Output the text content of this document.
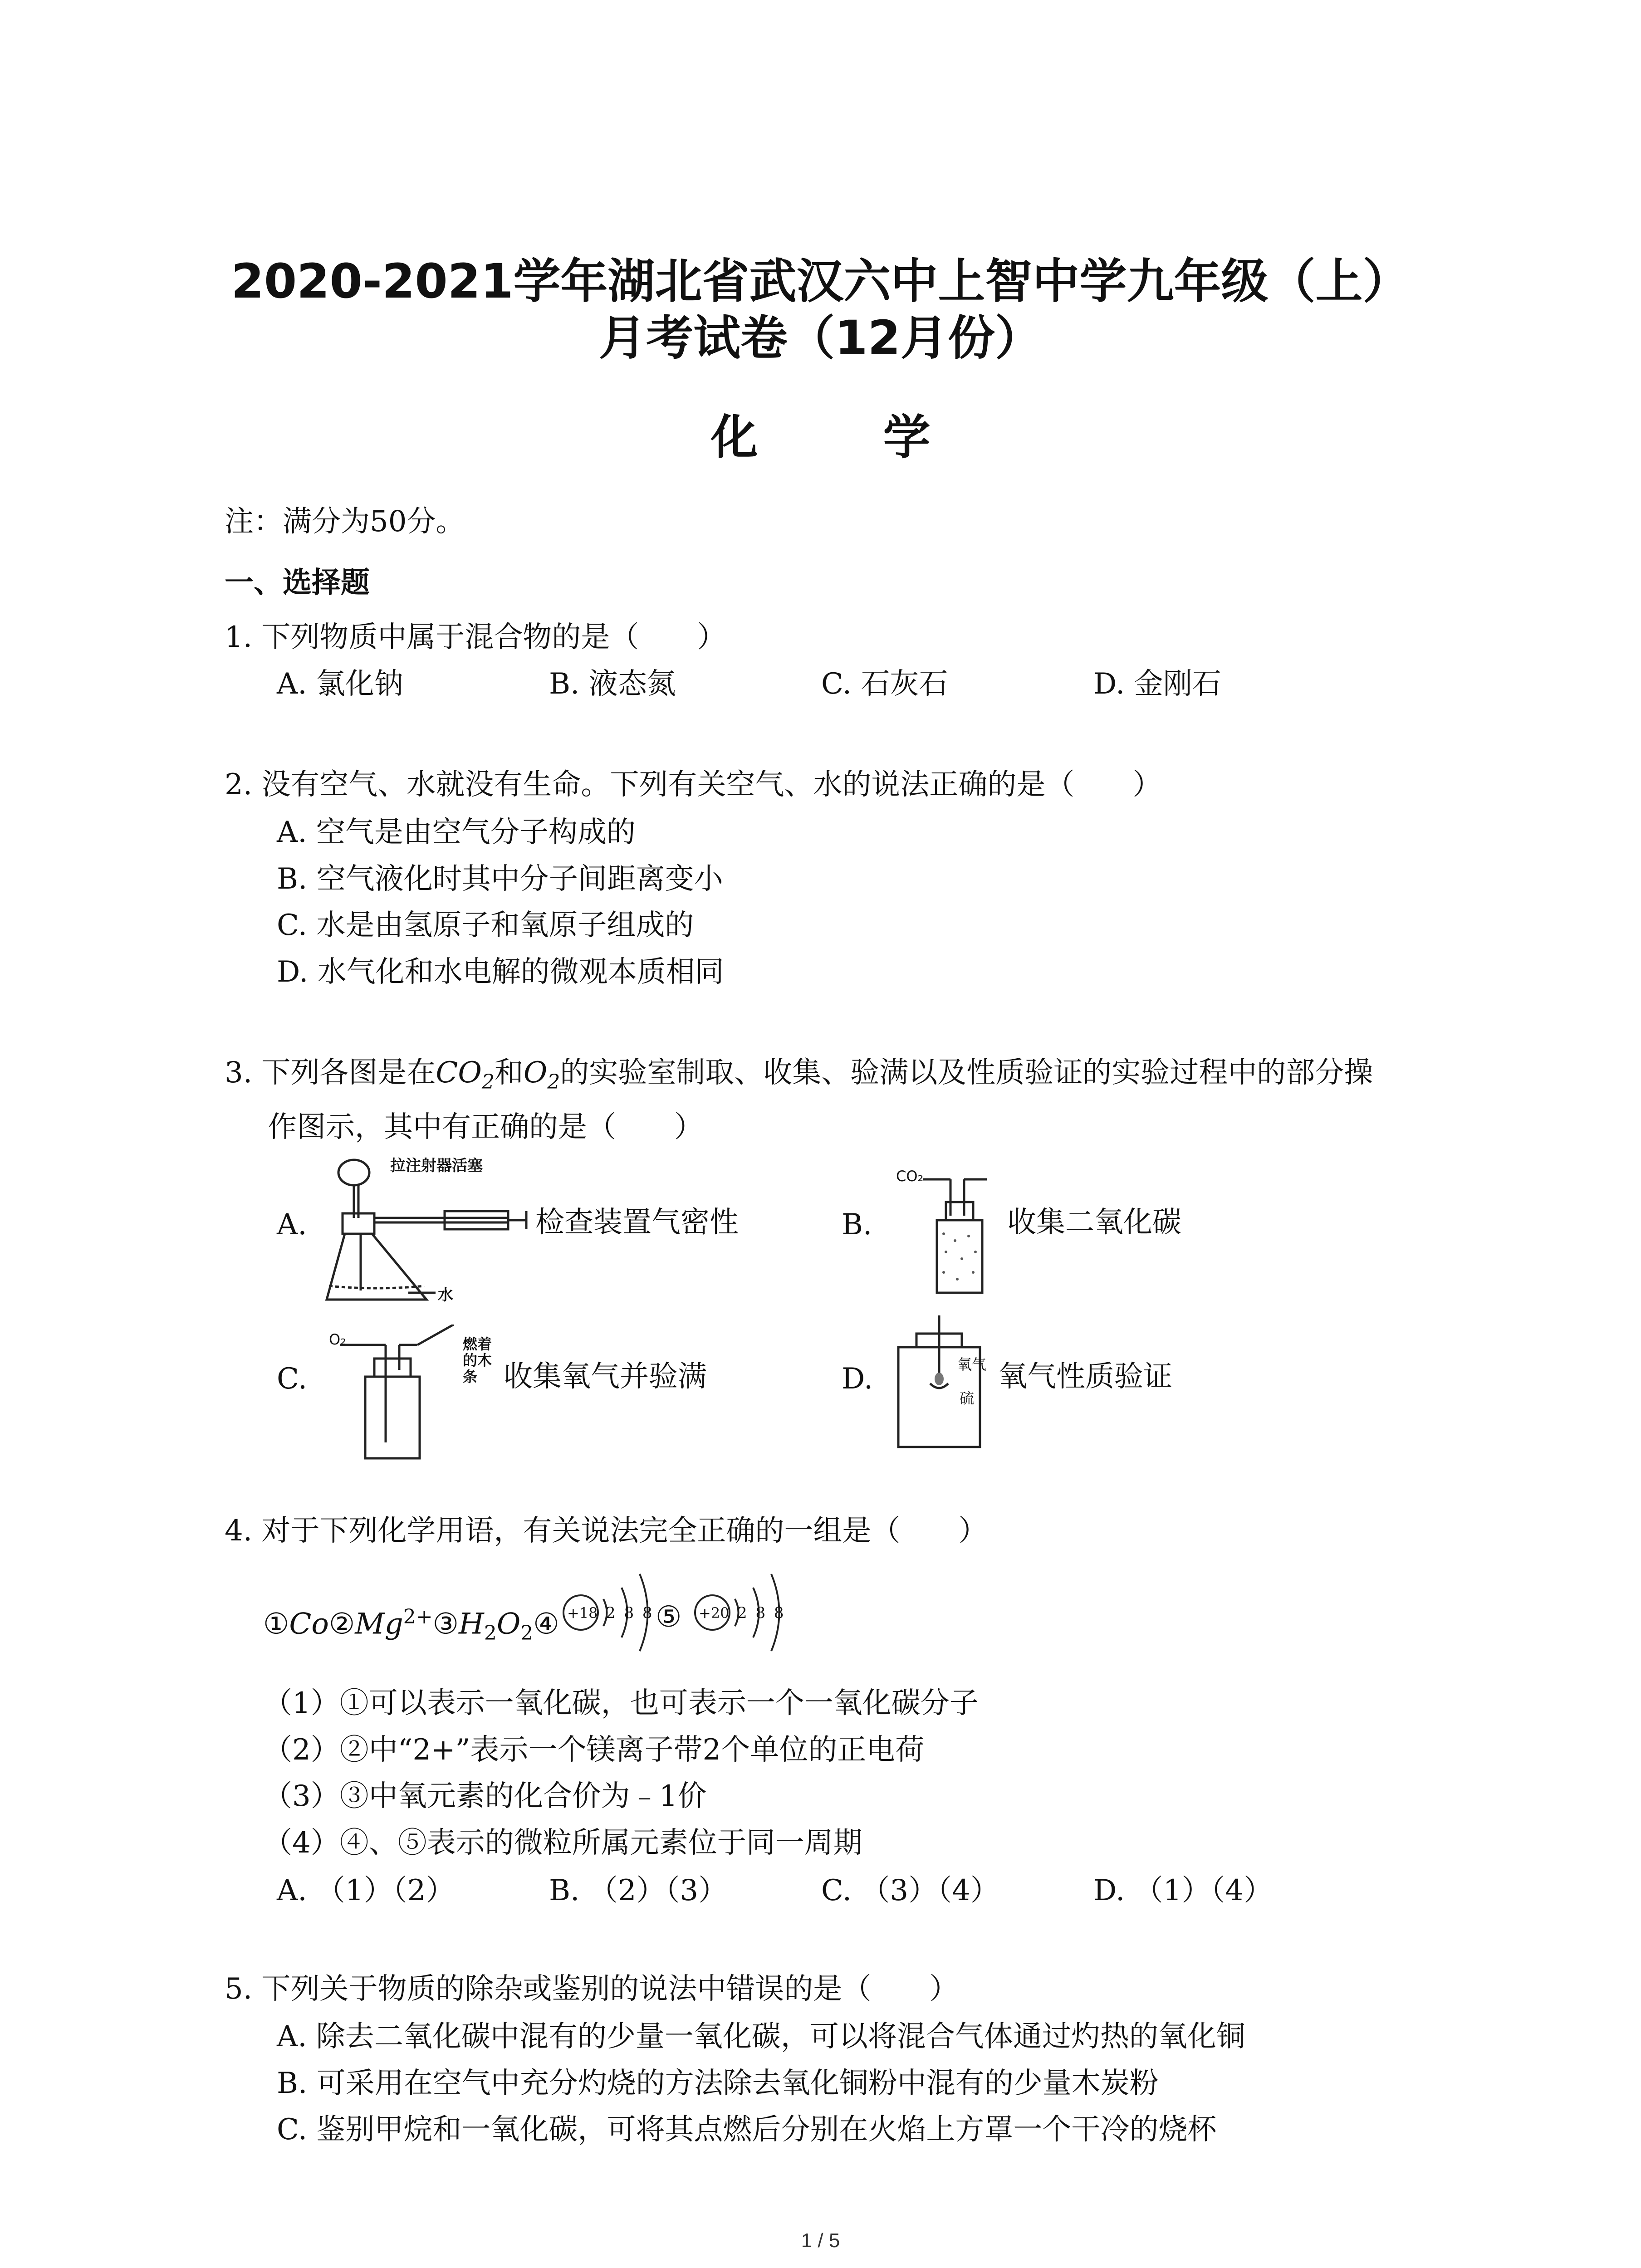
2020-2021学年湖北省武汉六中上智中学九年级（上）
月考试卷（12月份）
化 学
注：满分为50分。
一、选择题
1. 下列物质中属于混合物的是（　　）
A. 氯化钠	B. 液态氮	C. 石灰石	D. 金刚石
2. 没有空气、水就没有生命。下列有关空气、水的说法正确的是（　　）
A. 空气是由空气分子构成的
B. 空气液化时其中分子间距离变小
C. 水是由氢原子和氧原子组成的
D. 水气化和水电解的微观本质相同
3. 下列各图是在$CO_2$和$O_2$的实验室制取、收集、验满以及性质验证的实验过程中的部分操
作图示，其中有正确的是（　　）
A.
拉注射器活塞
水
检查装置气密性	B.
CO₂
收集二氧化碳
C.
O₂	燃着的木条 收集氧气并验满	D.	氧气
硫
氧气性质验证
4. 对于下列化学用语，有关说法完全正确的一组是（　　）
$①Co②Mg^{2+}③H_2O_2④ +18$ 2 8 8 ⑤ +20 2 8 8
（1）①可以表示一氧化碳，也可表示一个一氧化碳分子
（2）②中“2+”表示一个镁离子带2个单位的正电荷
（3）③中氧元素的化合价为﹣1价
（4）④、⑤表示的微粒所属元素位于同一周期
A. （1）（2）	B. （2）（3）	C. （3）（4）	D. （1）（4）
5. 下列关于物质的除杂或鉴别的说法中错误的是（　　）
A. 除去二氧化碳中混有的少量一氧化碳，可以将混合气体通过灼热的氧化铜
B. 可采用在空气中充分灼烧的方法除去氧化铜粉中混有的少量木炭粉
C. 鉴别甲烷和一氧化碳，可将其点燃后分别在火焰上方罩一个干冷的烧杯
1 / 5
